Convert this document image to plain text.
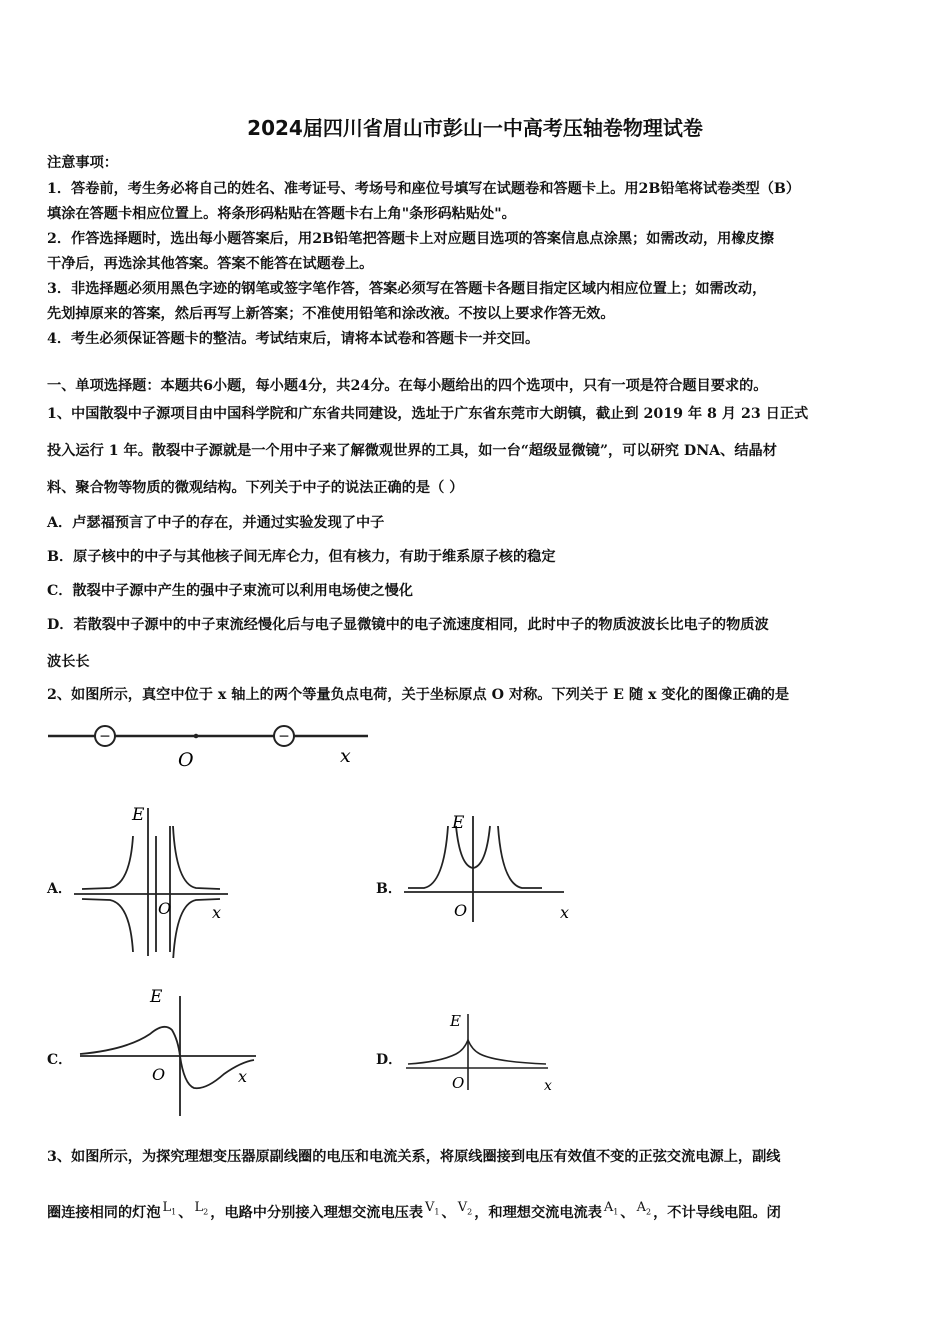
2024届四川省眉山市彭山一中高考压轴卷物理试卷
注意事项：
1．答卷前，考生务必将自己的姓名、准考证号、考场号和座位号填写在试题卷和答题卡上。用2B铅笔将试卷类型（B）
填涂在答题卡相应位置上。将条形码粘贴在答题卡右上角"条形码粘贴处"。
2．作答选择题时，选出每小题答案后，用2B铅笔把答题卡上对应题目选项的答案信息点涂黑；如需改动，用橡皮擦
干净后，再选涂其他答案。答案不能答在试题卷上。
3．非选择题必须用黑色字迹的钢笔或签字笔作答，答案必须写在答题卡各题目指定区域内相应位置上；如需改动，
先划掉原来的答案，然后再写上新答案；不准使用铅笔和涂改液。不按以上要求作答无效。
4．考生必须保证答题卡的整洁。考试结束后，请将本试卷和答题卡一并交回。
一、单项选择题：本题共6小题，每小题4分，共24分。在每小题给出的四个选项中，只有一项是符合题目要求的。
1、中国散裂中子源项目由中国科学院和广东省共同建设，选址于广东省东莞市大朗镇，截止到 2019 年 8 月 23 日正式
投入运行 1 年。散裂中子源就是一个用中子来了解微观世界的工具，如一台“超级显微镜”，可以研究 DNA、结晶材
料、聚合物等物质的微观结构。下列关于中子的说法正确的是（ ）
A．卢瑟福预言了中子的存在，并通过实验发现了中子
B．原子核中的中子与其他核子间无库仑力，但有核力，有助于维系原子核的稳定
C．散裂中子源中产生的强中子束流可以利用电场使之慢化
D．若散裂中子源中的中子束流经慢化后与电子显微镜中的电子流速度相同，此时中子的物质波波长比电子的物质波
波长长
2、如图所示，真空中位于 x 轴上的两个等量负点电荷，关于坐标原点 O 对称。下列关于 E 随 x 变化的图像正确的是
−	−
O	x
A．
E
O	x
B．
E
O	x
C．
E
O	x
D．
E
O	x
3、如图所示，为探究理想变压器原副线圈的电压和电流关系，将原线圈接到电压有效值不变的正弦交流电源上，副线
圈连接相同的灯泡 $L_1$ 、 $L_2$ ，电路中分别接入理想交流电压表 $V_1$ 、 $V_2$ ，和理想交流电流表 $A_1$ 、 $A_2$ ，不计导线电阻。闭
